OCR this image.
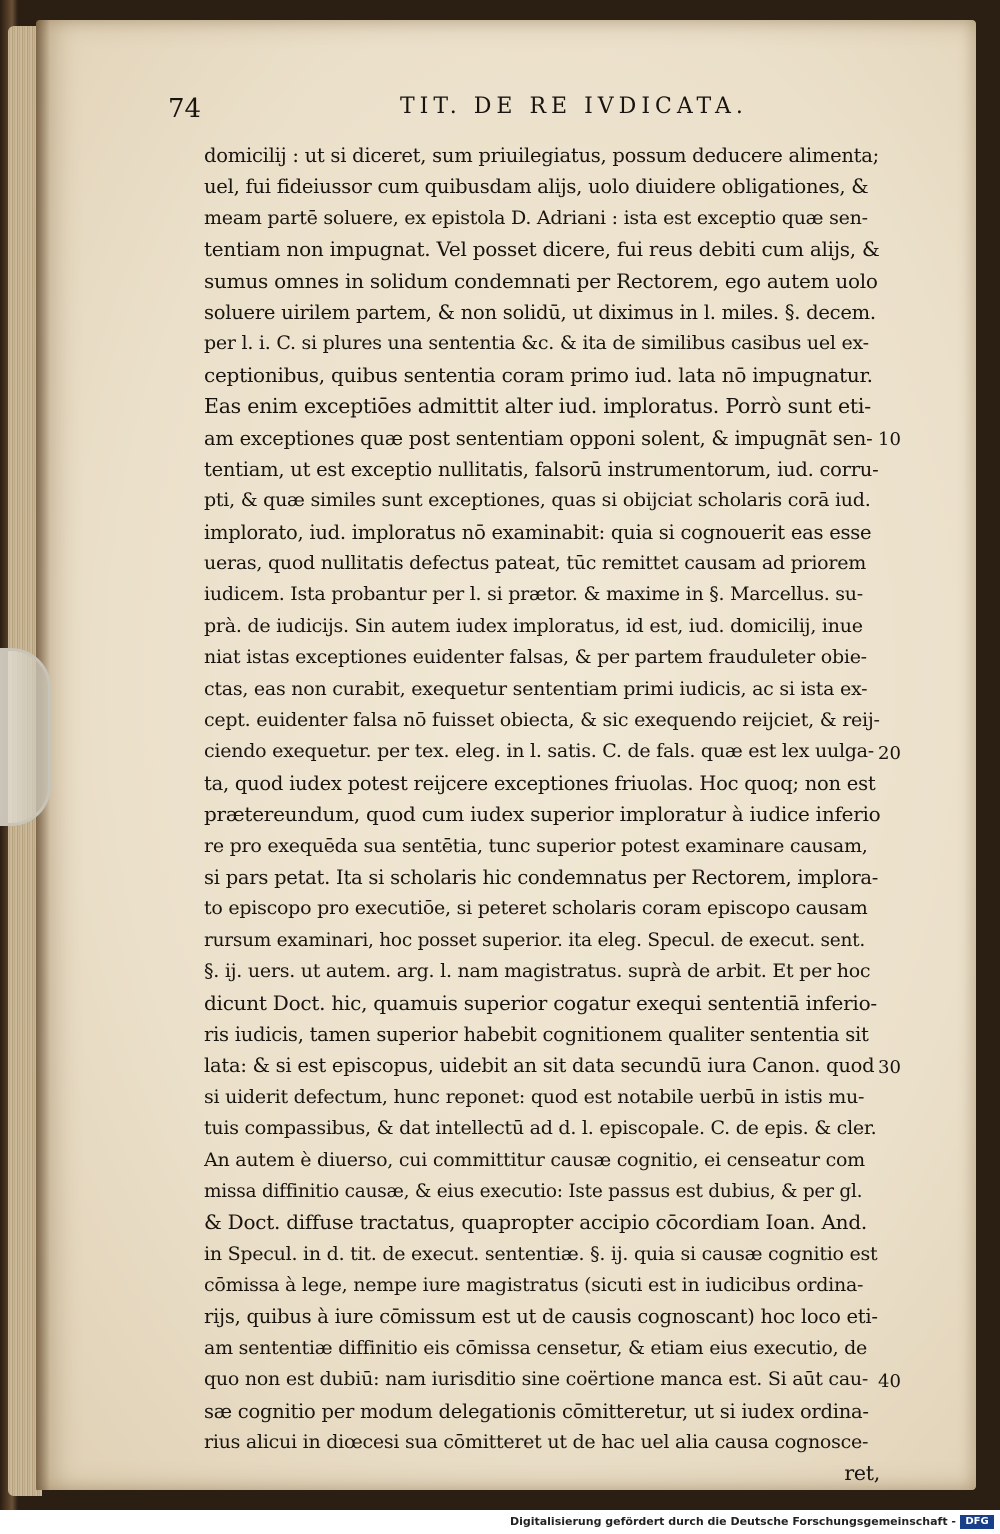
74	TIT. DE RE IVDICATA.
domicilij : ut si diceret, sum priuilegiatus, possum deducere alimenta;
uel, fui fideiussor cum quibusdam alijs, uolo diuidere obligationes, &
meam partē soluere, ex epistola D. Adriani : ista est exceptio quæ sen-
tentiam non impugnat. Vel posset dicere, fui reus debiti cum alijs, &
sumus omnes in solidum condemnati per Rectorem, ego autem uolo
soluere uirilem partem, & non solidū, ut diximus in l. miles. §. decem.
per l. i. C. si plures una sententia &c. & ita de similibus casibus uel ex-
ceptionibus, quibus sententia coram primo iud. lata nō impugnatur.
Eas enim exceptiōes admittit alter iud. imploratus. Porrò sunt eti-
am exceptiones quæ post sententiam opponi solent, & impugnāt sen-
tentiam, ut est exceptio nullitatis, falsorū instrumentorum, iud. corru-
pti, & quæ similes sunt exceptiones, quas si obijciat scholaris corā iud.
implorato, iud. imploratus nō examinabit: quia si cognouerit eas esse
ueras, quod nullitatis defectus pateat, tūc remittet causam ad priorem
iudicem. Ista probantur per l. si prætor. & maxime in §. Marcellus. su-
prà. de iudicijs. Sin autem iudex imploratus, id est, iud. domicilij, inue
niat istas exceptiones euidenter falsas, & per partem frauduleter obie-
ctas, eas non curabit, exequetur sententiam primi iudicis, ac si ista ex-
cept. euidenter falsa nō fuisset obiecta, & sic exequendo reijciet, & reij-
ciendo exequetur. per tex. eleg. in l. satis. C. de fals. quæ est lex uulga-
ta, quod iudex potest reijcere exceptiones friuolas. Hoc quoq; non est
prætereundum, quod cum iudex superior imploratur à iudice inferio
re pro exequēda sua sentētia, tunc superior potest examinare causam,
si pars petat. Ita si scholaris hic condemnatus per Rectorem, implora-
to episcopo pro executiōe, si peteret scholaris coram episcopo causam
rursum examinari, hoc posset superior. ita eleg. Specul. de execut. sent.
§. ij. uers. ut autem. arg. l. nam magistratus. suprà de arbit. Et per hoc
dicunt Doct. hic, quamuis superior cogatur exequi sententiā inferio-
ris iudicis, tamen superior habebit cognitionem qualiter sententia sit
lata: & si est episcopus, uidebit an sit data secundū iura Canon. quod
si uiderit defectum, hunc reponet: quod est notabile uerbū in istis mu-
tuis compassibus, & dat intellectū ad d. l. episcopale. C. de epis. & cler.
An autem è diuerso, cui committitur causæ cognitio, ei censeatur com
missa diffinitio causæ, & eius executio: Iste passus est dubius, & per gl.
& Doct. diffuse tractatus, quapropter accipio cōcordiam Ioan. And.
in Specul. in d. tit. de execut. sententiæ. §. ij. quia si causæ cognitio est
cōmissa à lege, nempe iure magistratus (sicuti est in iudicibus ordina-
rijs, quibus à iure cōmissum est ut de causis cognoscant) hoc loco eti-
am sententiæ diffinitio eis cōmissa censetur, & etiam eius executio, de
quo non est dubiū: nam iurisditio sine coërtione manca est. Si aūt cau-
sæ cognitio per modum delegationis cōmitteretur, ut si iudex ordina-
rius alicui in diœcesi sua cōmitteret ut de hac uel alia causa cognosce-
ret,
10
20
30
40
Digitalisierung gefördert durch die Deutsche Forschungsgemeinschaft - DFG
